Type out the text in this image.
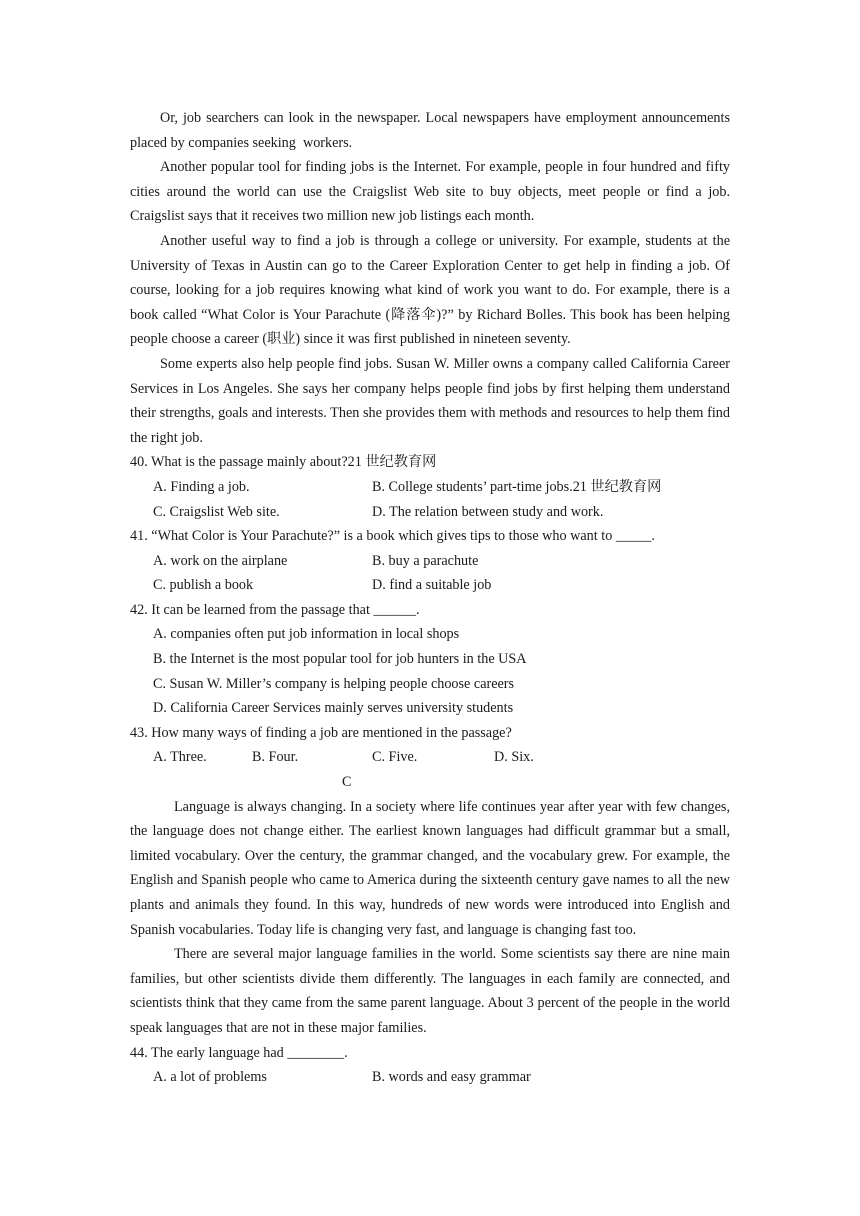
Or, job searchers can look in the newspaper. Local newspapers have employment announcements placed by companies seeking  workers.

Another popular tool for finding jobs is the Internet. For example, people in four hundred and fifty cities around the world can use the Craigslist Web site to buy objects, meet people or find a job. Craigslist says that it receives two million new job listings each month.

Another useful way to find a job is through a college or university. For example, students at the University of Texas in Austin can go to the Career Exploration Center to get help in finding a job. Of course, looking for a job requires knowing what kind of work you want to do. For example, there is a book called “What Color is Your Parachute (降落伞)?” by Richard Bolles. This book has been helping people choose a career (职业) since it was first published in nineteen seventy.

Some experts also help people find jobs. Susan W. Miller owns a company called California Career Services in Los Angeles. She says her company helps people find jobs by first helping them understand their strengths, goals and interests. Then she provides them with methods and resources to help them find the right job.

40. What is the passage mainly about?21 世纪教育网

A. Finding a job.	B. College students’ part-time jobs.21 世纪教育网
C. Craigslist Web site.	D. The relation between study and work.

41. “What Color is Your Parachute?” is a book which gives tips to those who want to _____.

A. work on the airplane	B. buy a parachute
C. publish a book	D. find a suitable job

42. It can be learned from the passage that ______.

A. companies often put job information in local shops

B. the Internet is the most popular tool for job hunters in the USA

C. Susan W. Miller’s company is helping people choose careers

D. California Career Services mainly serves university students

43. How many ways of finding a job are mentioned in the passage?

A. Three.	B. Four.	C. Five.	D. Six.
C

Language is always changing. In a society where life continues year after year with few changes, the language does not change either. The earliest known languages had difficult grammar but a small, limited vocabulary. Over the century, the grammar changed, and the vocabulary grew. For example, the English and Spanish people who came to America during the sixteenth century gave names to all the new plants and animals they found. In this way, hundreds of new words were introduced into English and Spanish vocabularies. Today life is changing very fast, and language is changing fast too.

There are several major language families in the world. Some scientists say there are nine main families, but other scientists divide them differently. The languages in each family are connected, and scientists think that they came from the same parent language. About 3 percent of the people in the world speak languages that are not in these major families.

44. The early language had ________.

A. a lot of problems	B. words and easy grammar
